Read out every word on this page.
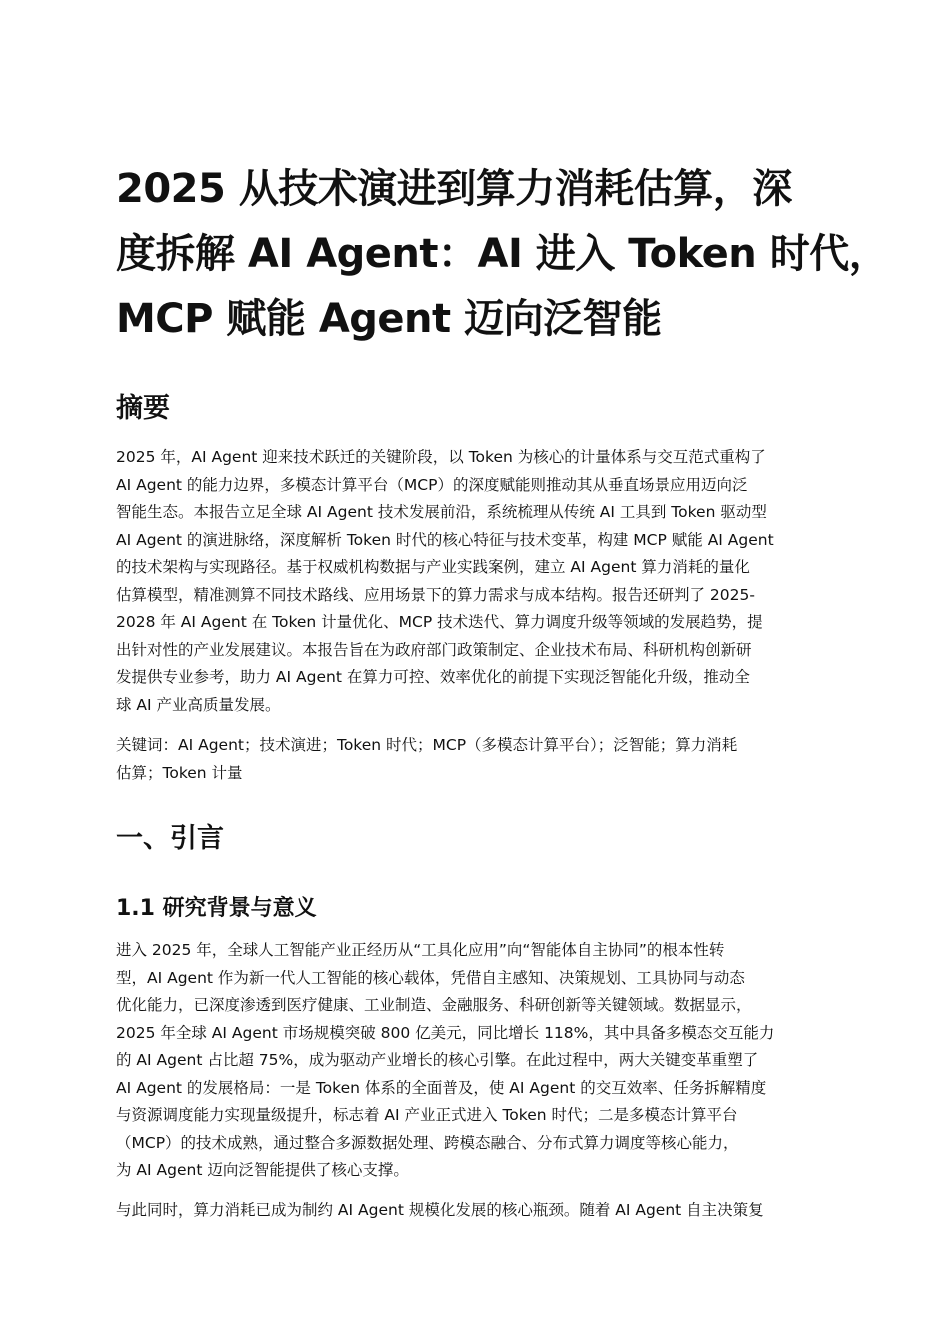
2025 从技术演进到算力消耗估算，深
度拆解 AI Agent：AI 进入 Token 时代，
MCP 赋能 Agent 迈向泛智能
摘要

2025 年，AI Agent 迎来技术跃迁的关键阶段，以 Token 为核心的计量体系与交互范式重构了
AI Agent 的能力边界，多模态计算平台（MCP）的深度赋能则推动其从垂直场景应用迈向泛
智能生态。本报告立足全球 AI Agent 技术发展前沿，系统梳理从传统 AI 工具到 Token 驱动型
AI Agent 的演进脉络，深度解析 Token 时代的核心特征与技术变革，构建 MCP 赋能 AI Agent
的技术架构与实现路径。基于权威机构数据与产业实践案例，建立 AI Agent 算力消耗的量化
估算模型，精准测算不同技术路线、应用场景下的算力需求与成本结构。报告还研判了 2025-
2028 年 AI Agent 在 Token 计量优化、MCP 技术迭代、算力调度升级等领域的发展趋势，提
出针对性的产业发展建议。本报告旨在为政府部门政策制定、企业技术布局、科研机构创新研
发提供专业参考，助力 AI Agent 在算力可控、效率优化的前提下实现泛智能化升级，推动全
球 AI 产业高质量发展。

关键词：AI Agent；技术演进；Token 时代；MCP（多模态计算平台）；泛智能；算力消耗
估算；Token 计量

一、引言
1.1 研究背景与意义

进入 2025 年，全球人工智能产业正经历从“工具化应用”向“智能体自主协同”的根本性转
型，AI Agent 作为新一代人工智能的核心载体，凭借自主感知、决策规划、工具协同与动态
优化能力，已深度渗透到医疗健康、工业制造、金融服务、科研创新等关键领域。数据显示，
2025 年全球 AI Agent 市场规模突破 800 亿美元，同比增长 118%，其中具备多模态交互能力
的 AI Agent 占比超 75%，成为驱动产业增长的核心引擎。在此过程中，两大关键变革重塑了
AI Agent 的发展格局：一是 Token 体系的全面普及，使 AI Agent 的交互效率、任务拆解精度
与资源调度能力实现量级提升，标志着 AI 产业正式进入 Token 时代；二是多模态计算平台
（MCP）的技术成熟，通过整合多源数据处理、跨模态融合、分布式算力调度等核心能力，
为 AI Agent 迈向泛智能提供了核心支撑。

与此同时，算力消耗已成为制约 AI Agent 规模化发展的核心瓶颈。随着 AI Agent 自主决策复
